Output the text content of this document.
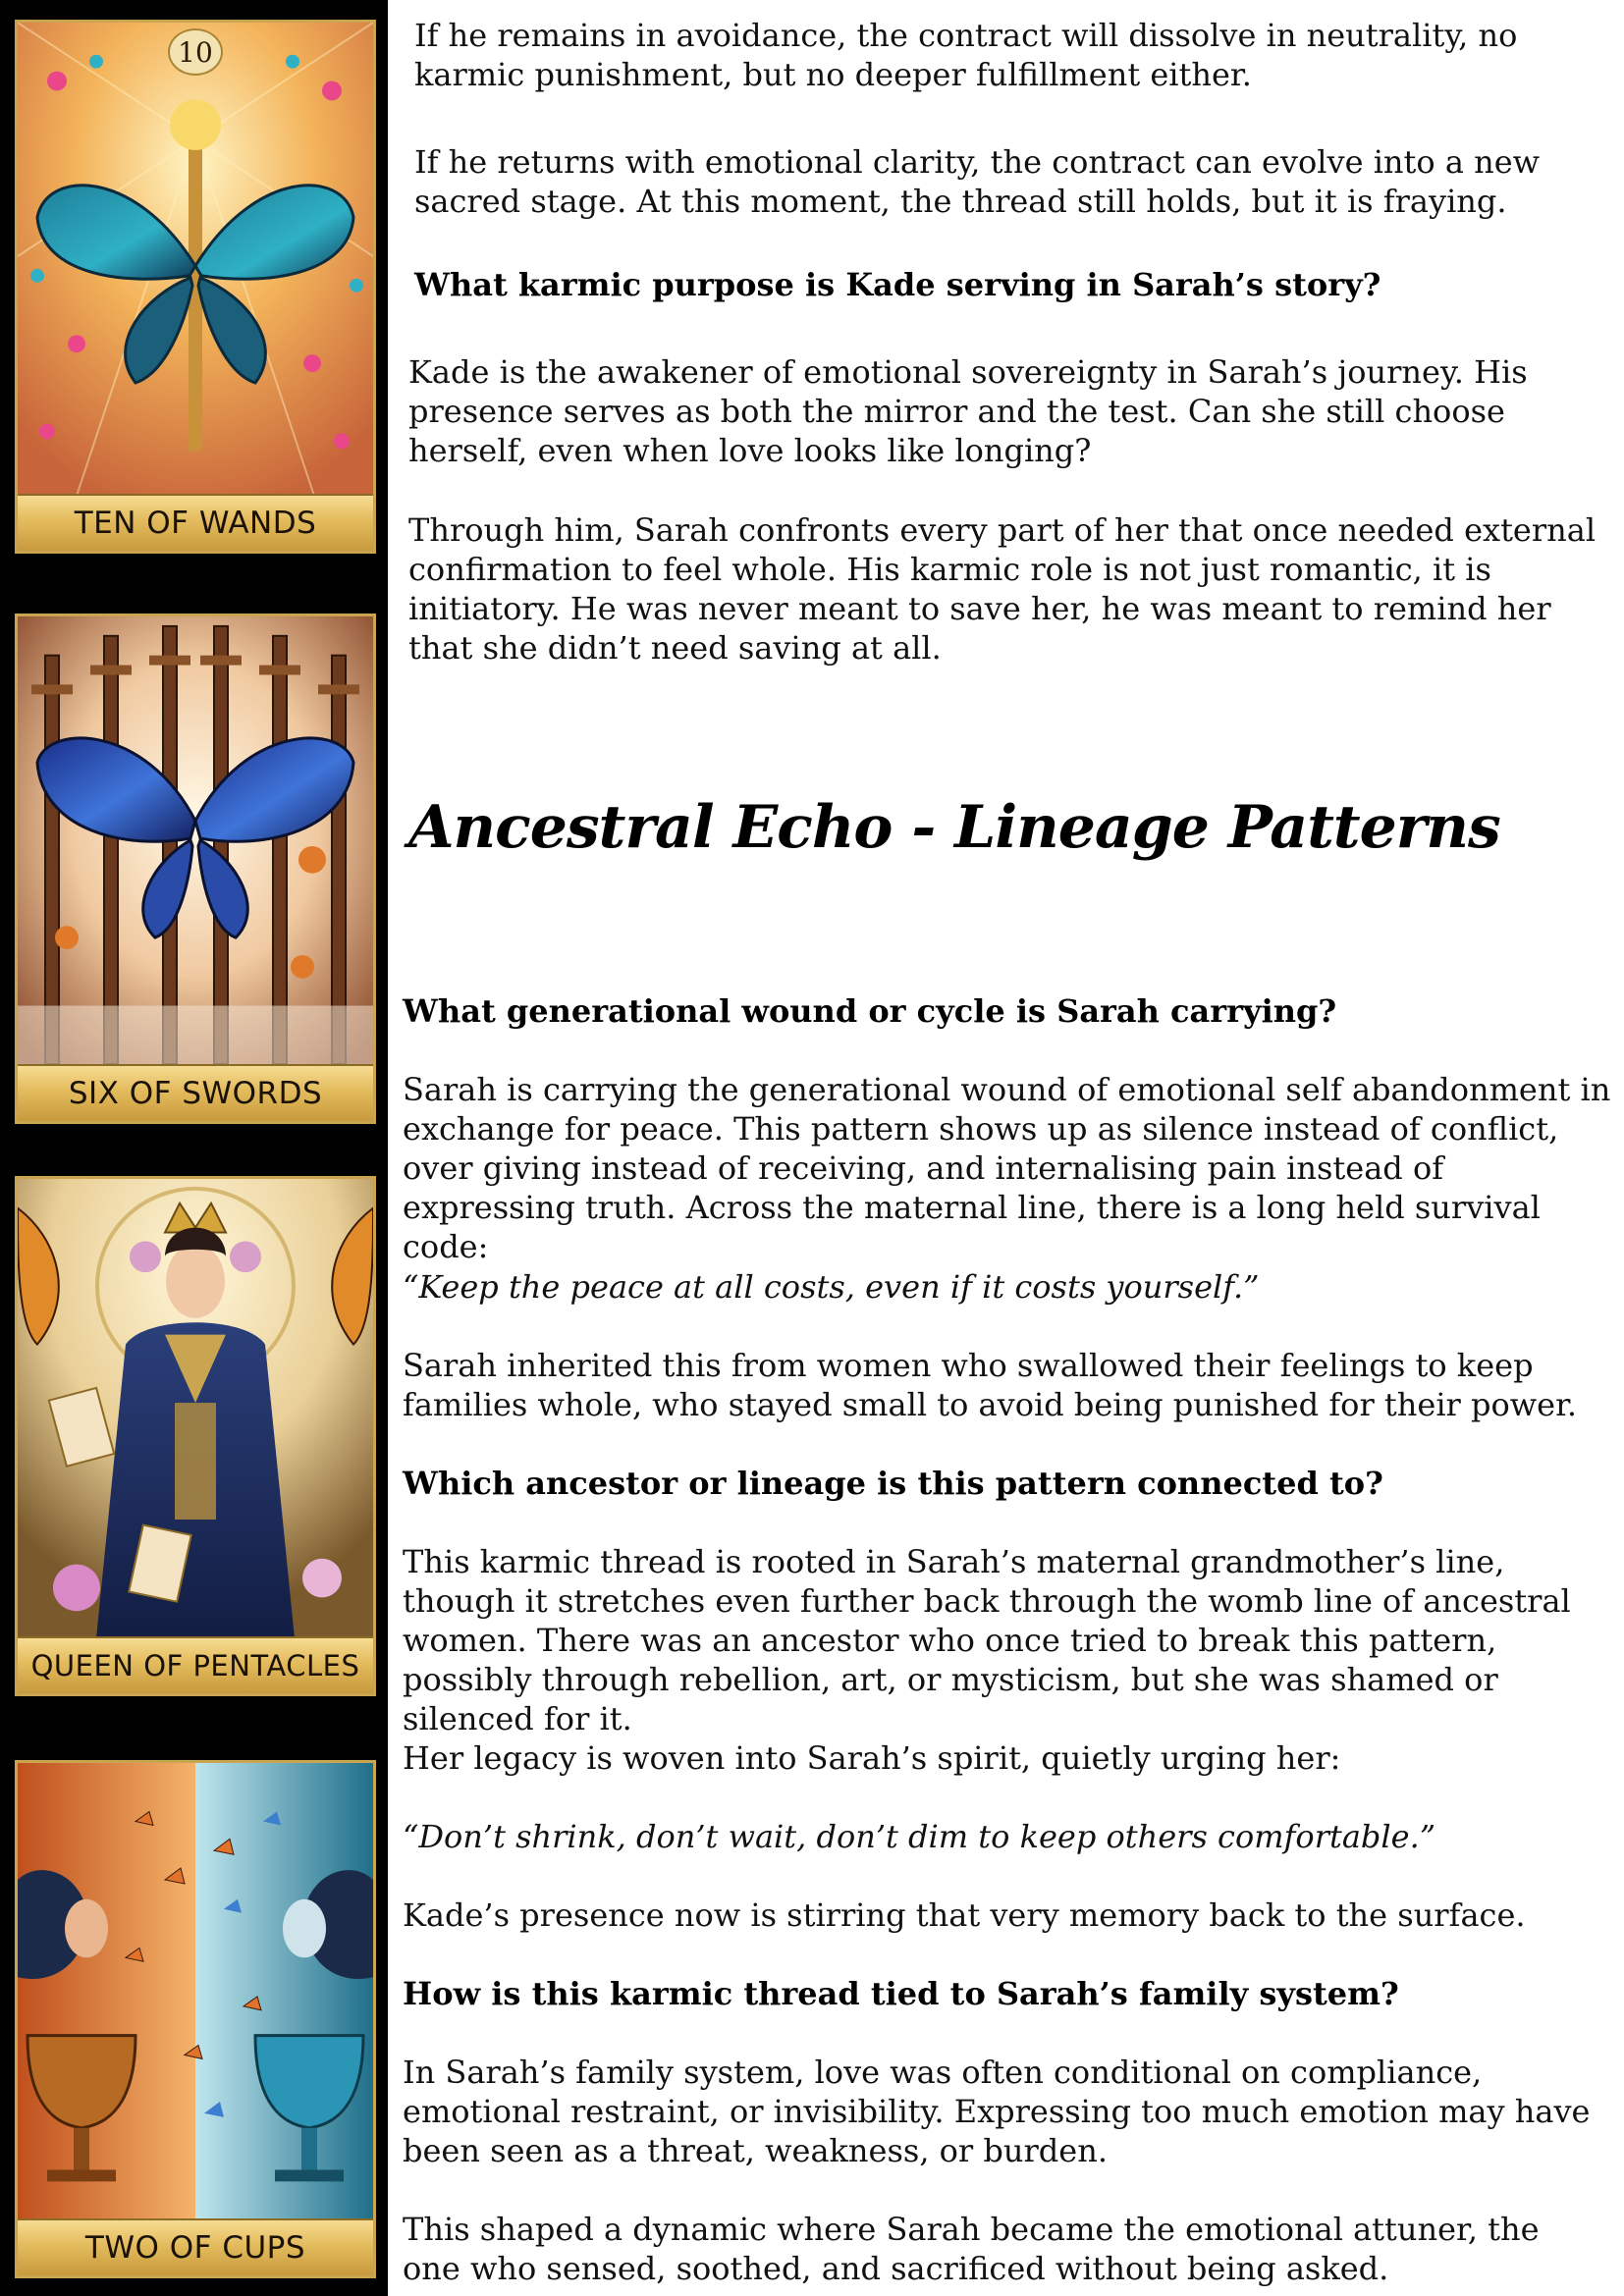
10
TEN OF WANDS
SIX OF SWORDS
QUEEN OF PENTACLES
TWO OF CUPS

If he remains in avoidance, the contract will dissolve in neutrality, no karmic punishment, but no deeper fulfillment either.

If he returns with emotional clarity, the contract can evolve into a new sacred stage. At this moment, the thread still holds, but it is fraying.

What karmic purpose is Kade serving in Sarah’s story?

Kade is the awakener of emotional sovereignty in Sarah’s journey. His presence serves as both the mirror and the test. Can she still choose herself, even when love looks like longing?

Through him, Sarah confronts every part of her that once needed external confirmation to feel whole. His karmic role is not just romantic, it is initiatory. He was never meant to save her, he was meant to remind her that she didn’t need saving at all.

Ancestral Echo - Lineage Patterns

What generational wound or cycle is Sarah carrying?

Sarah is carrying the generational wound of emotional self abandonment in exchange for peace. This pattern shows up as silence instead of conflict, over giving instead of receiving, and internalising pain instead of expressing truth. Across the maternal line, there is a long held survival code:

“Keep the peace at all costs, even if it costs yourself.”

Sarah inherited this from women who swallowed their feelings to keep families whole, who stayed small to avoid being punished for their power.

Which ancestor or lineage is this pattern connected to?

This karmic thread is rooted in Sarah’s maternal grandmother’s line, though it stretches even further back through the womb line of ancestral women. There was an ancestor who once tried to break this pattern, possibly through rebellion, art, or mysticism, but she was shamed or silenced for it.

Her legacy is woven into Sarah’s spirit, quietly urging her:

“Don’t shrink, don’t wait, don’t dim to keep others comfortable.”

Kade’s presence now is stirring that very memory back to the surface.

How is this karmic thread tied to Sarah’s family system?

In Sarah’s family system, love was often conditional on compliance, emotional restraint, or invisibility. Expressing too much emotion may have been seen as a threat, weakness, or burden.

This shaped a dynamic where Sarah became the emotional attuner, the one who sensed, soothed, and sacrificed without being asked.
